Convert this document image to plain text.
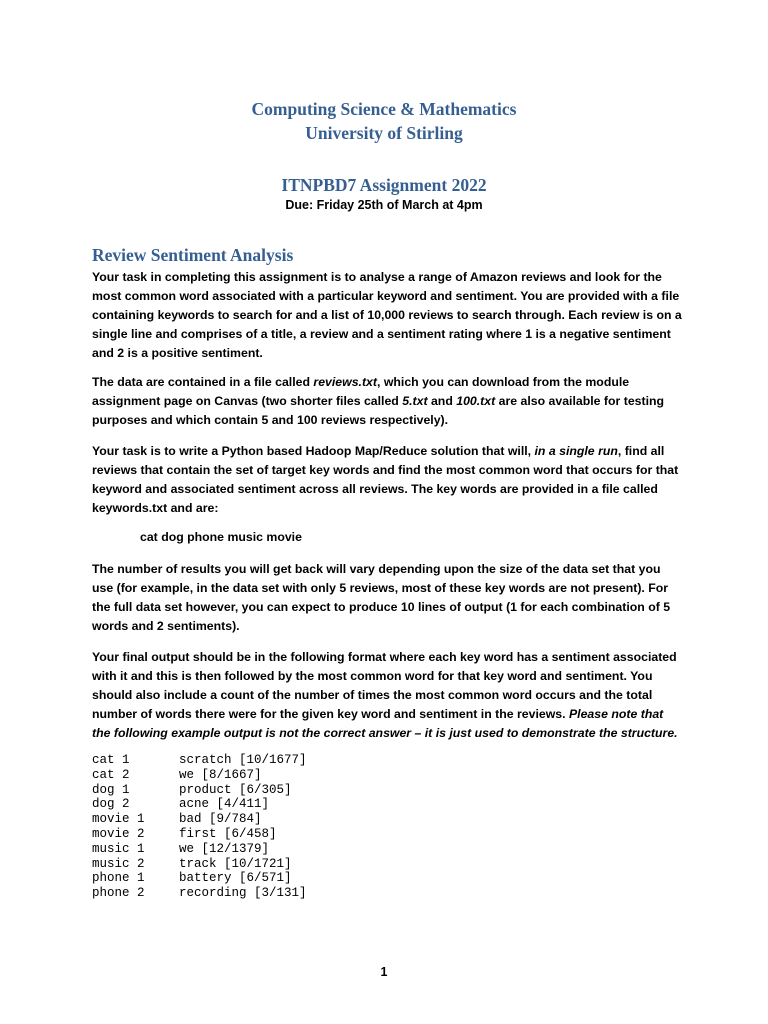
Computing Science & Mathematics
University of Stirling
ITNPBD7 Assignment 2022

Due: Friday 25th of March at 4pm

Review Sentiment Analysis

Your task in completing this assignment is to analyse a range of Amazon reviews and look for the most common word associated with a particular keyword and sentiment. You are provided with a file containing keywords to search for and a list of 10,000 reviews to search through. Each review is on a single line and comprises of a title, a review and a sentiment rating where 1 is a negative sentiment and 2 is a positive sentiment.

The data are contained in a file called reviews.txt, which you can download from the module assignment page on Canvas (two shorter files called 5.txt and 100.txt are also available for testing purposes and which contain 5 and 100 reviews respectively).

Your task is to write a Python based Hadoop Map/Reduce solution that will, in a single run, find all reviews that contain the set of target key words and find the most common word that occurs for that keyword and associated sentiment across all reviews. The key words are provided in a file called keywords.txt and are:

cat dog phone music movie

The number of results you will get back will vary depending upon the size of the data set that you use (for example, in the data set with only 5 reviews, most of these key words are not present). For the full data set however, you can expect to produce 10 lines of output (1 for each combination of 5 words and 2 sentiments).

Your final output should be in the following format where each key word has a sentiment associated with it and this is then followed by the most common word for that key word and sentiment. You should also include a count of the number of times the most common word occurs and the total number of words there were for the given key word and sentiment in the reviews. Please note that the following example output is not the correct answer – it is just used to demonstrate the structure.

cat 1	scratch [10/1677]
cat 2	we [8/1667]
dog 1	product [6/305]
dog 2	acne [4/411]
movie 1	bad [9/784]
movie 2	first [6/458]
music 1	we [12/1379]
music 2	track [10/1721]
phone 1	battery [6/571]
phone 2	recording [3/131]

1
